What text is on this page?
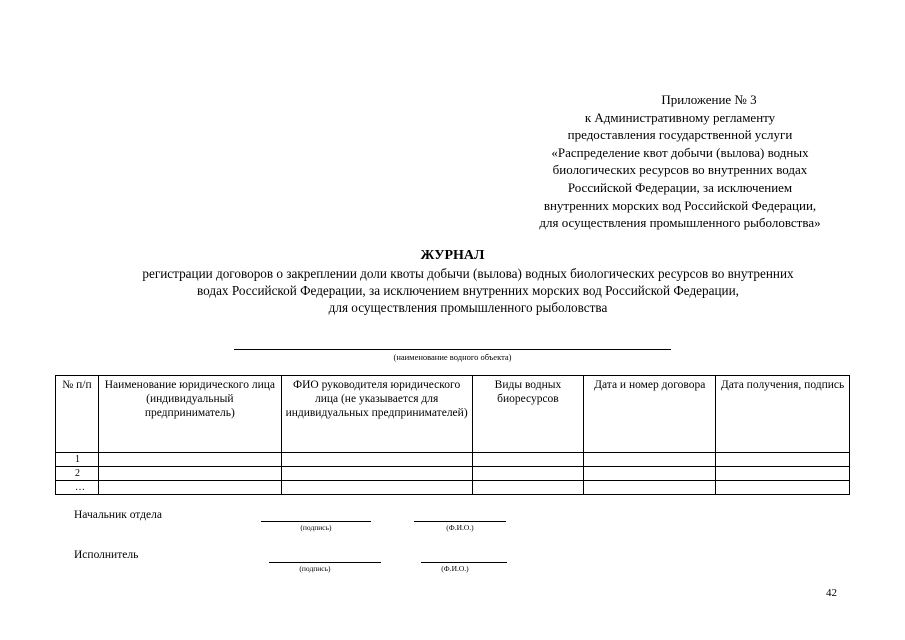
Приложение № 3
к Административному регламенту
предоставления государственной услуги
«Распределение квот добычи (вылова) водных
биологических ресурсов во внутренних водах
Российской Федерации, за исключением
внутренних морских вод Российской Федерации,
для осуществления промышленного рыболовства»
ЖУРНАЛ
регистрации договоров о закреплении доли квоты добычи (вылова) водных биологических ресурсов во внутренних
водах Российской Федерации, за исключением внутренних морских вод Российской Федерации,
для осуществления промышленного рыболовства
(наименование водного объекта)
№ п/п	Наименование юридического лица (индивидуальный предприниматель)	ФИО руководителя юридического лица (не указывается для индивидуальных предпринимателей)	Виды водных биоресурсов	Дата и номер договора	Дата получения, подпись
1					
2					
…					
Начальник отдела
(подпись)	(Ф.И.О.)
Исполнитель
(подпись)	(Ф.И.О.)
42
